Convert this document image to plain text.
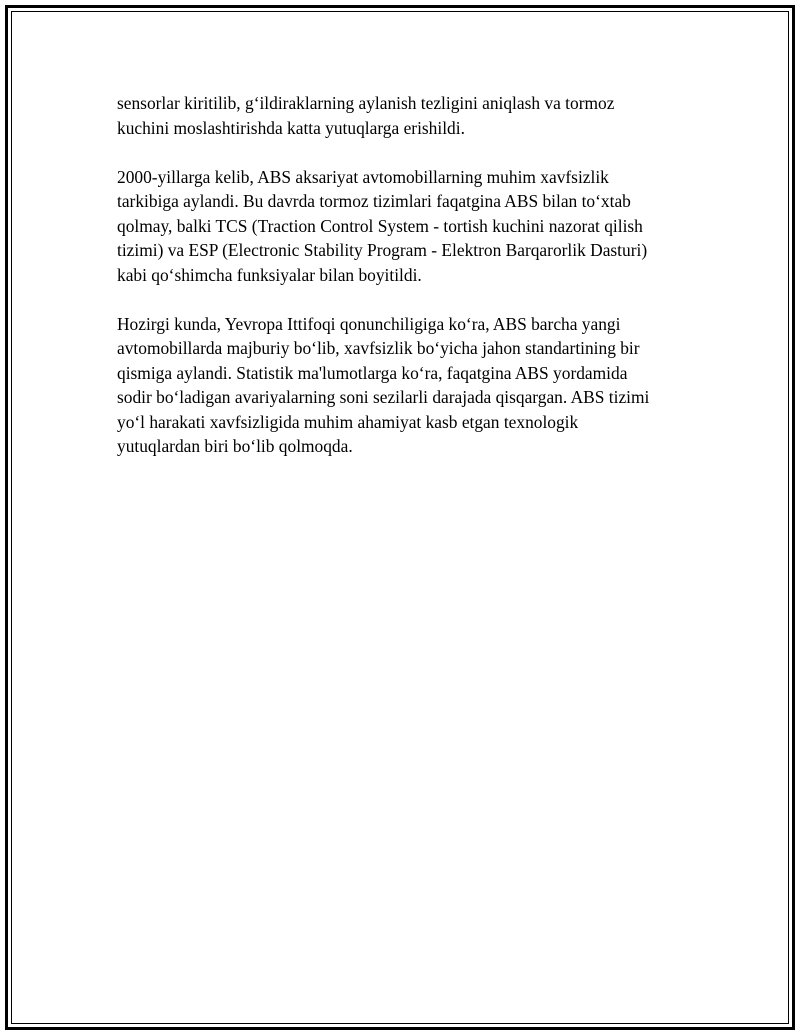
sensorlar kiritilib, g‘ildiraklarning aylanish tezligini aniqlash va tormoz
kuchini moslashtirishda katta yutuqlarga erishildi.

2000-yillarga kelib, ABS aksariyat avtomobillarning muhim xavfsizlik
tarkibiga aylandi. Bu davrda tormoz tizimlari faqatgina ABS bilan to‘xtab
qolmay, balki TCS (Traction Control System - tortish kuchini nazorat qilish
tizimi) va ESP (Electronic Stability Program - Elektron Barqarorlik Dasturi)
kabi qo‘shimcha funksiyalar bilan boyitildi.

Hozirgi kunda, Yevropa Ittifoqi qonunchiligiga ko‘ra, ABS barcha yangi
avtomobillarda majburiy bo‘lib, xavfsizlik bo‘yicha jahon standartining bir
qismiga aylandi. Statistik ma'lumotlarga ko‘ra, faqatgina ABS yordamida
sodir bo‘ladigan avariyalarning soni sezilarli darajada qisqargan. ABS tizimi
yo‘l harakati xavfsizligida muhim ahamiyat kasb etgan texnologik
yutuqlardan biri bo‘lib qolmoqda.
